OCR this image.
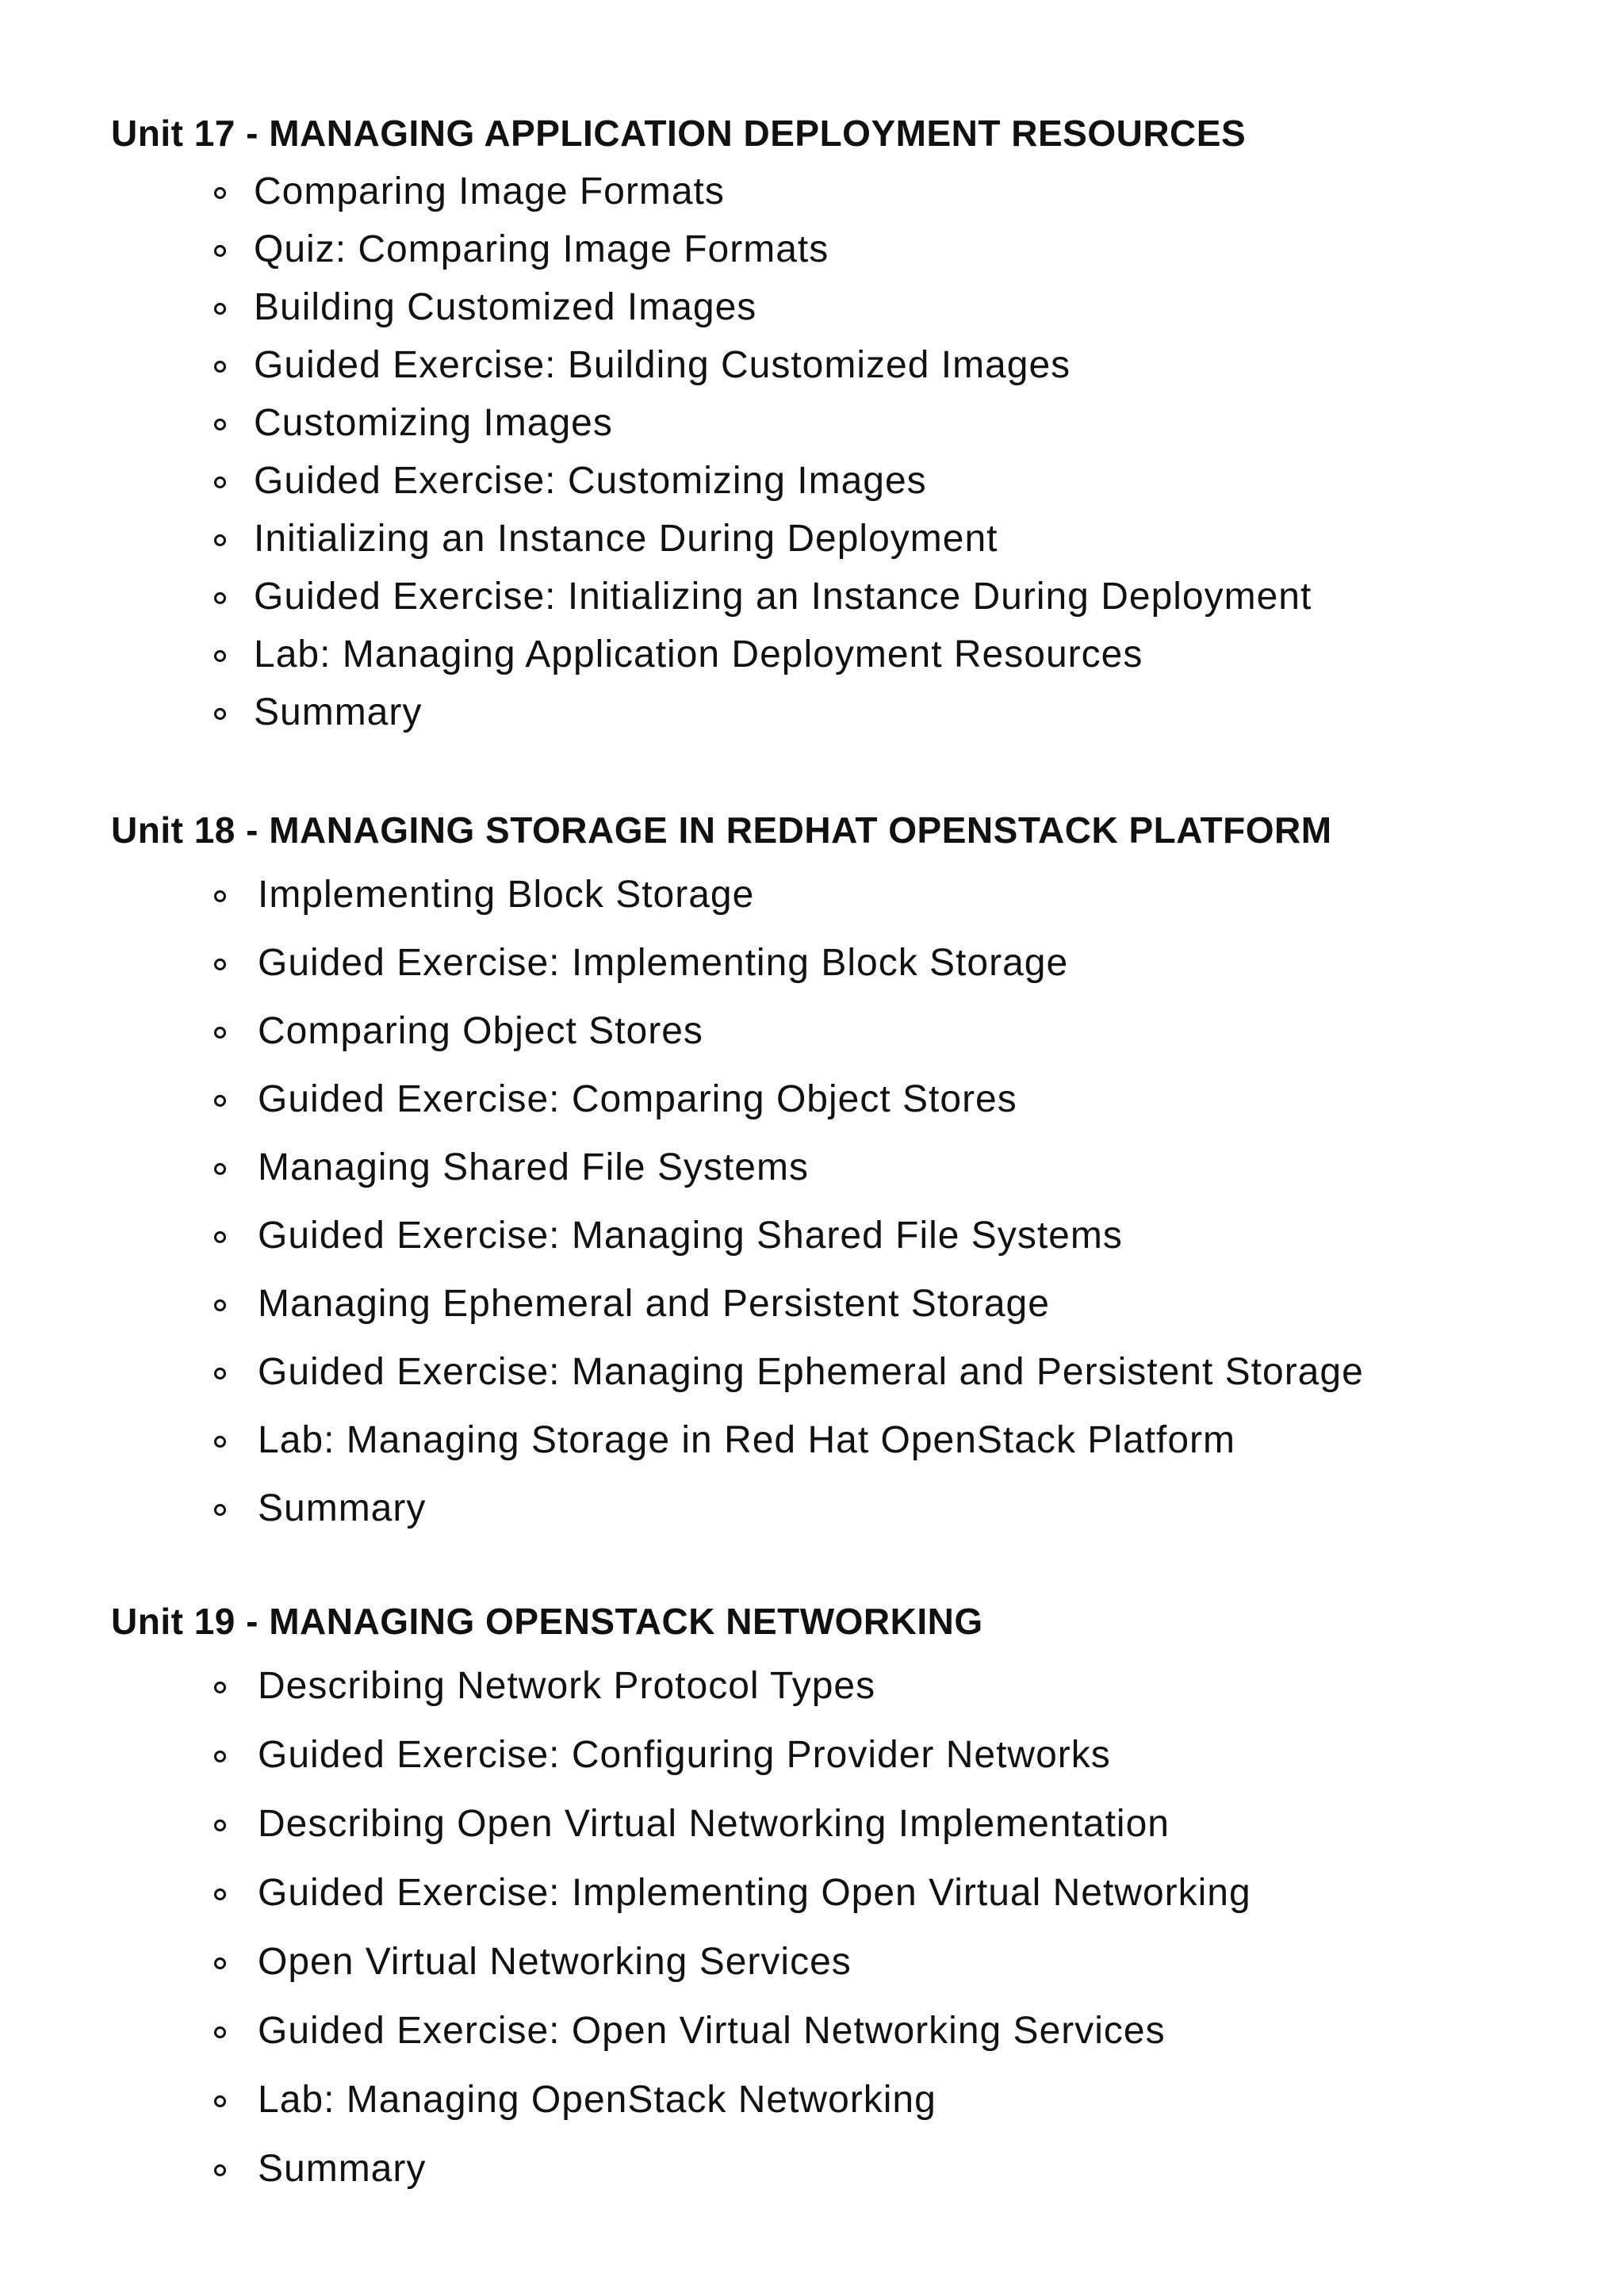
Unit 17 - MANAGING APPLICATION DEPLOYMENT RESOURCES
Comparing Image Formats
Quiz: Comparing Image Formats
Building Customized Images
Guided Exercise: Building Customized Images
Customizing Images
Guided Exercise: Customizing Images
Initializing an Instance During Deployment
Guided Exercise: Initializing an Instance During Deployment
Lab: Managing Application Deployment Resources
Summary
Unit 18 - MANAGING STORAGE IN REDHAT OPENSTACK PLATFORM
Implementing Block Storage
Guided Exercise: Implementing Block Storage
Comparing Object Stores
Guided Exercise: Comparing Object Stores
Managing Shared File Systems
Guided Exercise: Managing Shared File Systems
Managing Ephemeral and Persistent Storage
Guided Exercise: Managing Ephemeral and Persistent Storage
Lab: Managing Storage in Red Hat OpenStack Platform
Summary
Unit 19 - MANAGING OPENSTACK NETWORKING
Describing Network Protocol Types
Guided Exercise: Configuring Provider Networks
Describing Open Virtual Networking Implementation
Guided Exercise: Implementing Open Virtual Networking
Open Virtual Networking Services
Guided Exercise: Open Virtual Networking Services
Lab: Managing OpenStack Networking
Summary
